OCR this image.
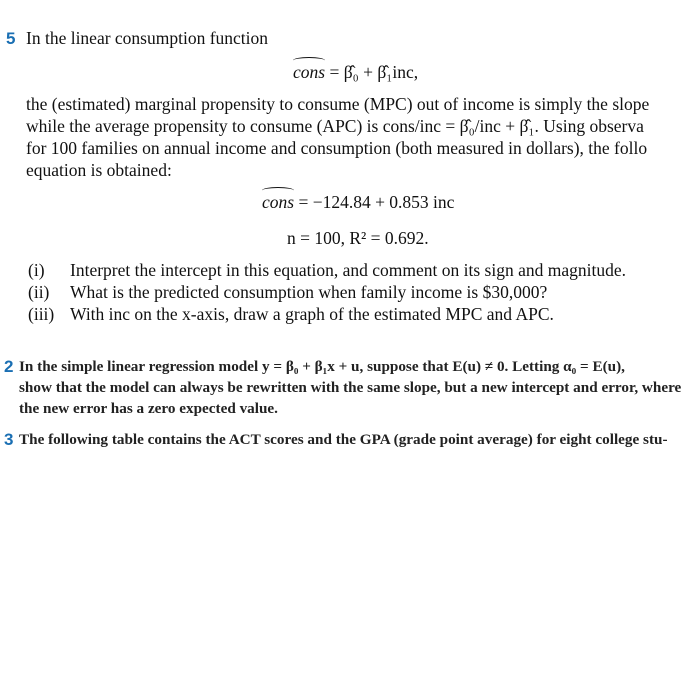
5 In the linear consumption function
cons = β̂₀ + β̂₁inc,
the (estimated) marginal propensity to consume (MPC) out of income is simply the slope
while the average propensity to consume (APC) is cons/inc = β̂₀/inc + β̂₁. Using observa
for 100 families on annual income and consumption (both measured in dollars), the follo
equation is obtained:
cons = −124.84 + 0.853 inc
n = 100, R² = 0.692.
(i) Interpret the intercept in this equation, and comment on its sign and magnitude.
(ii) What is the predicted consumption when family income is $30,000?
(iii) With inc on the x-axis, draw a graph of the estimated MPC and APC.
2 In the simple linear regression model y = β₀ + β₁x + u, suppose that E(u) ≠ 0. Letting α₀ = E(u),
show that the model can always be rewritten with the same slope, but a new intercept and error, where
the new error has a zero expected value.
3 The following table contains the ACT scores and the GPA (grade point average) for eight college stu-
